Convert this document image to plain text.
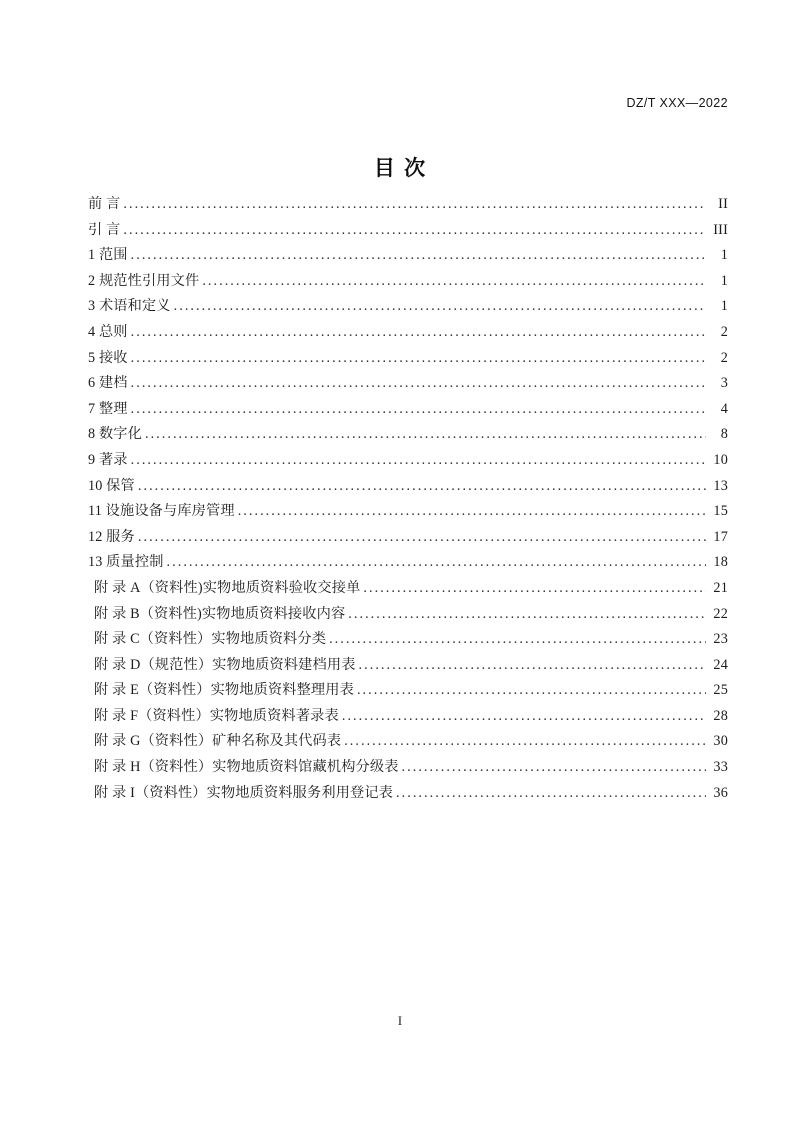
DZ/T XXX—2022
目 次
前 言 .....	II
引 言 .....	III
1 范围 .....	1
2 规范性引用文件 .....	1
3 术语和定义 .....	1
4 总则 .....	2
5 接收 .....	2
6 建档 .....	3
7 整理 .....	4
8 数字化 .....	8
9 著录 .....	10
10 保管 .....	13
11 设施设备与库房管理 .....	15
12 服务 .....	17
13 质量控制 .....	18
附 录 A（资料性)实物地质资料验收交接单 .....	21
附 录 B（资料性)实物地质资料接收内容 .....	22
附 录 C（资料性）实物地质资料分类 .....	23
附 录 D（规范性）实物地质资料建档用表 .....	24
附 录 E（资料性）实物地质资料整理用表 .....	25
附 录 F（资料性）实物地质资料著录表 .....	28
附 录 G（资料性）矿种名称及其代码表 .....	30
附 录 H（资料性）实物地质资料馆藏机构分级表 .....	33
附 录 I（资料性）实物地质资料服务利用登记表 .....	36
I
